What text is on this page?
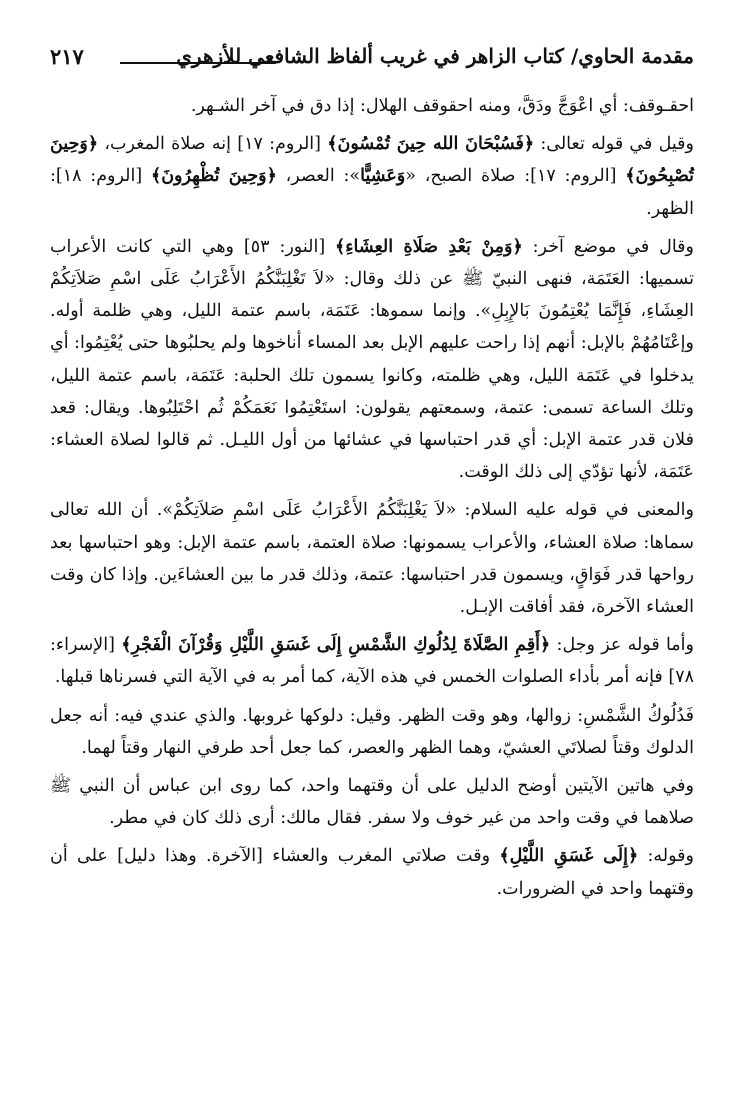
مقدمة الحاوي/ كتاب الزاهر في غريب ألفاظ الشافعي للأزهري
٢١٧

احقـوقف: أي اعْوَجَّ ودَقَّ، ومنه احقوقف الهلال: إذا دق في آخر الشـهر.

وقيل في قوله تعالى: ﴿فَسُبْحَانَ الله حِينَ تُمْسُونَ﴾ [الروم: ١٧] إنه صلاة المغرب، ﴿وَحِينَ تُصْبِحُونَ﴾ [الروم: ١٧]: صلاة الصبح، «وَعَشِيًّا»: العصر، ﴿وَحِينَ تُظْهِرُونَ﴾ [الروم: ١٨]: الظهر.

وقال في موضع آخر: ﴿وَمِنْ بَعْدِ صَلَاةِ العِشَاءِ﴾ [النور: ٥٣] وهي التي كانت الأعراب تسميها: العَتَمَة، فنهى النبيّ ﷺ عن ذلك وقال: «لاَ تَغْلِبَنَّكُمُ الأَعْرَابُ عَلَى اسْمِ صَلاَتِكُمْ العِشَاءِ، فَإِنَّمَا يُعْتِمُونَ بَالإِبِلِ». وإنما سموها: عَتَمَة، باسم عتمة الليل، وهي ظلمة أوله. وإعْتَامُهُمْ بالإبل: أنهم إذا راحت عليهم الإبل بعد المساء أناخوها ولم يحلبُوها حتى يُعْتِمُوا: أي يدخلوا في عَتَمَة الليل، وهي ظلمته، وكانوا يسمون تلك الحلبة: عَتَمَة، باسم عتمة الليل، وتلك الساعة تسمى: عتمة، وسمعتهم يقولون: استَعْتِمُوا نَعَمَكُمْ ثُم احْتَلِبُوها. ويقال: قعد فلان قدر عتمة الإبل: أي قدر احتباسها في عشائها من أول الليـل. ثم قالوا لصلاة العشاء: عَتَمَة، لأنها تؤدّي إلى ذلك الوقت.

والمعنى في قوله عليه السلام: «لاَ يَغْلِبَنَّكُمُ الأَعْرَابُ عَلَى اسْمِ صَلاَتِكُمْ». أن الله تعالى سماها: صلاة العشاء، والأعراب يسمونها: صلاة العتمة، باسم عتمة الإبل: وهو احتباسها بعد رواحها قدر فَوَاقٍ، ويسمون قدر احتباسها: عتمة، وذلك قدر ما بين العشاءَين. وإذا كان وقت العشاء الآخرة، فقد أفاقت الإبـل.

وأما قوله عز وجل: ﴿أَقِمِ الصَّلَاةَ لِدُلُوكِ الشَّمْسِ إِلَى غَسَقِ اللَّيْلِ وَقُرْآنَ الْفَجْرِ﴾ [الإسراء: ٧٨] فإنه أمر بأداء الصلوات الخمس في هذه الآية، كما أمر به في الآية التي فسرناها قبلها.

فَدُلُوكُ الشَّمْسِ: زوالها، وهو وقت الظهر. وقيل: دلوكها غروبها. والذي عندي فيه: أنه جعل الدلوك وقتاً لصلاتَي العشيّ، وهما الظهر والعصر، كما جعل أحد طرفي النهار وقتاً لهما.

وفي هاتين الآيتين أوضح الدليل على أن وقتهما واحد، كما روى ابن عباس أن النبي ﷺ صلاهما في وقت واحد من غير خوف ولا سفر. فقال مالك: أرى ذلك كان في مطر.

وقوله: ﴿إِلَى غَسَقِ اللَّيْلِ﴾ وقت صلاتي المغرب والعشاء [الآخرة. وهذا دليل] على أن وقتهما واحد في الضرورات.
